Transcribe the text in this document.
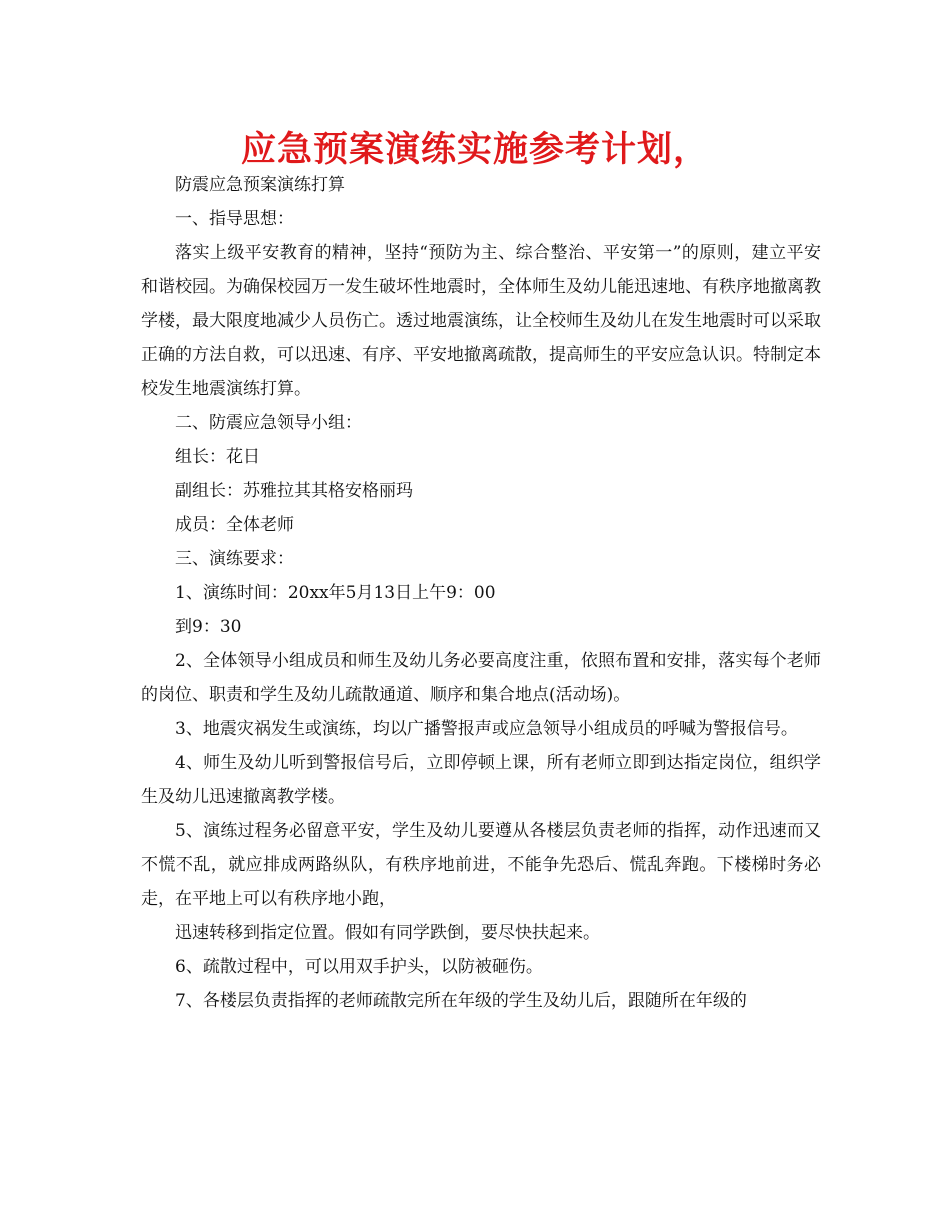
应急预案演练实施参考计划，

防震应急预案演练打算

一、指导思想：

落实上级平安教育的精神，坚持“预防为主、综合整治、平安第一”的原则，建立平安和谐校园。为确保校园万一发生破坏性地震时，全体师生及幼儿能迅速地、有秩序地撤离教学楼，最大限度地减少人员伤亡。透过地震演练，让全校师生及幼儿在发生地震时可以采取正确的方法自救，可以迅速、有序、平安地撤离疏散，提高师生的平安应急认识。特制定本校发生地震演练打算。

二、防震应急领导小组：

组长：花日

副组长：苏雅拉其其格安格丽玛

成员：全体老师

三、演练要求：

1、演练时间：20xx年5月13日上午9：00

到9：30

2、全体领导小组成员和师生及幼儿务必要高度注重，依照布置和安排，落实每个老师的岗位、职责和学生及幼儿疏散通道、顺序和集合地点(活动场)。

3、地震灾祸发生或演练，均以广播警报声或应急领导小组成员的呼喊为警报信号。

4、师生及幼儿听到警报信号后，立即停顿上课，所有老师立即到达指定岗位，组织学生及幼儿迅速撤离教学楼。

5、演练过程务必留意平安，学生及幼儿要遵从各楼层负责老师的指挥，动作迅速而又不慌不乱，就应排成两路纵队，有秩序地前进，不能争先恐后、慌乱奔跑。下楼梯时务必走，在平地上可以有秩序地小跑，

迅速转移到指定位置。假如有同学跌倒，要尽快扶起来。

6、疏散过程中，可以用双手护头，以防被砸伤。

7、各楼层负责指挥的老师疏散完所在年级的学生及幼儿后，跟随所在年级的
